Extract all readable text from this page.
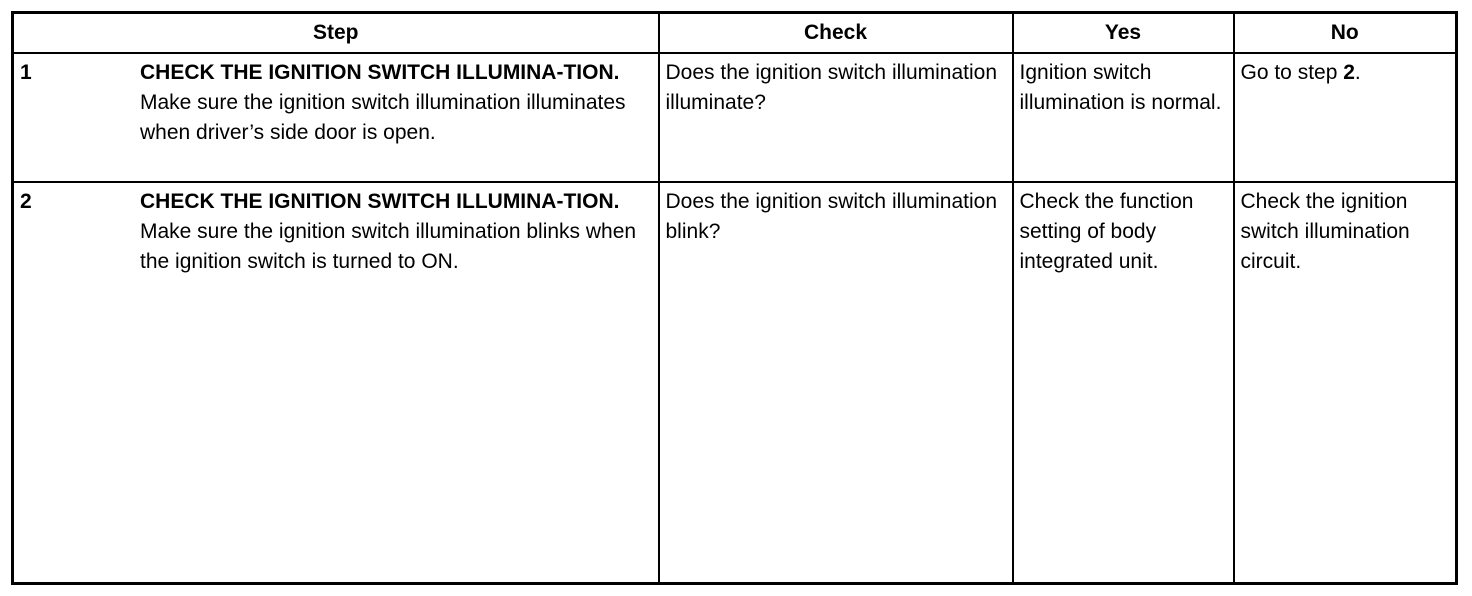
Step	Check	Yes	No

1 CHECK THE IGNITION SWITCH ILLUMINA-TION.
Make sure the ignition switch illumination illuminates when driver’s side door is open.	Does the ignition switch illumination illuminate?	Ignition switch illumination is normal.	Go to step 2.

2 CHECK THE IGNITION SWITCH ILLUMINA-TION.
Make sure the ignition switch illumination blinks when the ignition switch is turned to ON.	Does the ignition switch illumination blink?	Check the function setting of body integrated unit.	Check the ignition switch illumination circuit.
